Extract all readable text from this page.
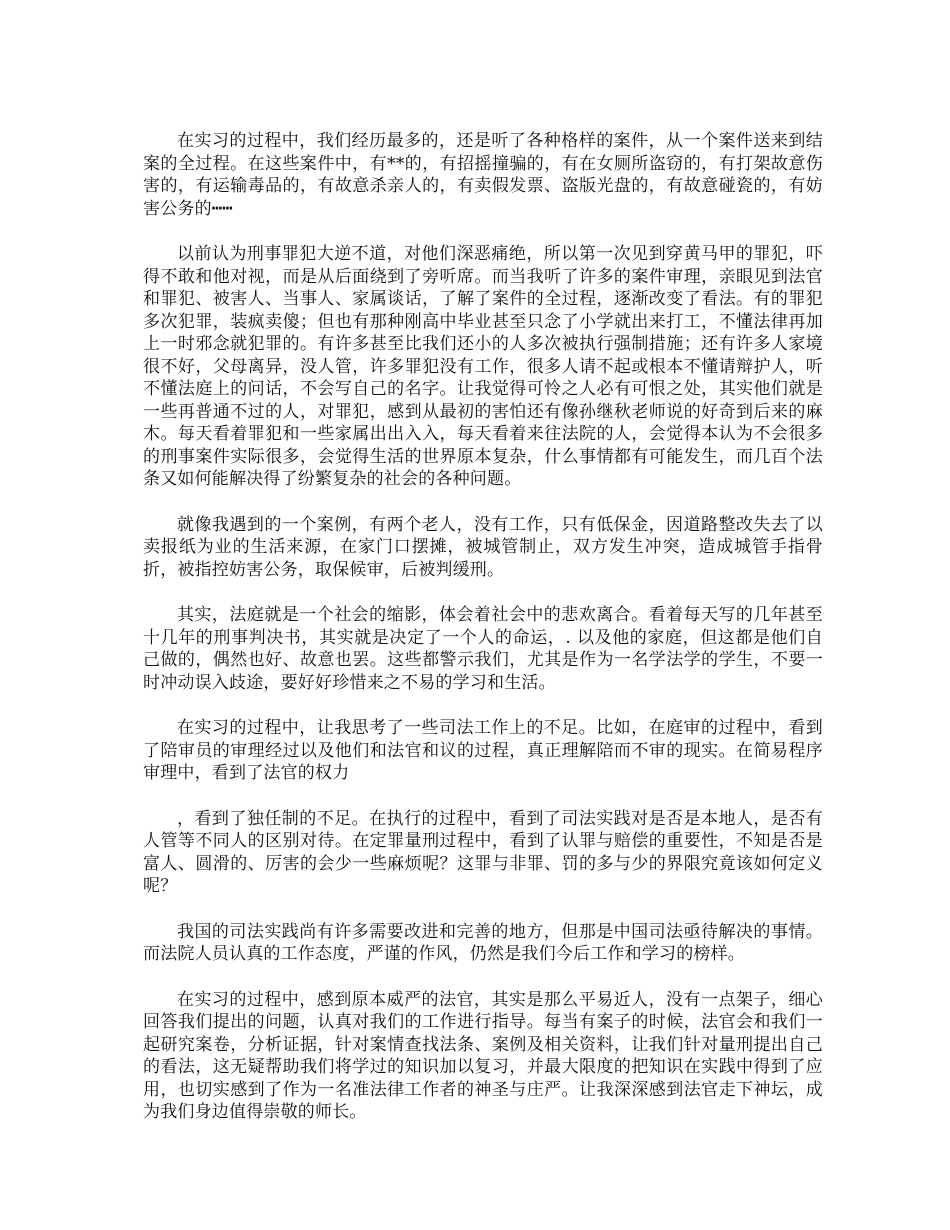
在实习的过程中，我们经历最多的，还是听了各种格样的案件，从一个案件送来到结案的全过程。在这些案件中，有**的，有招摇撞骗的，有在女厕所盗窃的，有打架故意伤害的，有运输毒品的，有故意杀亲人的，有卖假发票、盗版光盘的，有故意碰瓷的，有妨害公务的┅┅

以前认为刑事罪犯大逆不道，对他们深恶痛绝，所以第一次见到穿黄马甲的罪犯，吓得不敢和他对视，而是从后面绕到了旁听席。而当我听了许多的案件审理，亲眼见到法官和罪犯、被害人、当事人、家属谈话，了解了案件的全过程，逐渐改变了看法。有的罪犯多次犯罪，装疯卖傻；但也有那种刚高中毕业甚至只念了小学就出来打工，不懂法律再加上一时邪念就犯罪的。有许多甚至比我们还小的人多次被执行强制措施；还有许多人家境很不好，父母离异，没人管，许多罪犯没有工作，很多人请不起或根本不懂请辩护人，听不懂法庭上的问话，不会写自己的名字。让我觉得可怜之人必有可恨之处，其实他们就是一些再普通不过的人，对罪犯，感到从最初的害怕还有像孙继秋老师说的好奇到后来的麻木。每天看着罪犯和一些家属出出入入，每天看着来往法院的人，会觉得本认为不会很多的刑事案件实际很多，会觉得生活的世界原本复杂，什么事情都有可能发生，而几百个法条又如何能解决得了纷繁复杂的社会的各种问题。

就像我遇到的一个案例，有两个老人，没有工作，只有低保金，因道路整改失去了以卖报纸为业的生活来源，在家门口摆摊，被城管制止，双方发生冲突，造成城管手指骨折，被指控妨害公务，取保候审，后被判缓刑。

其实，法庭就是一个社会的缩影，体会着社会中的悲欢离合。看着每天写的几年甚至十几年的刑事判决书，其实就是决定了一个人的命运，. 以及他的家庭，但这都是他们自己做的，偶然也好、故意也罢。这些都警示我们，尤其是作为一名学法学的学生，不要一时冲动误入歧途，要好好珍惜来之不易的学习和生活。

在实习的过程中，让我思考了一些司法工作上的不足。比如，在庭审的过程中，看到了陪审员的审理经过以及他们和法官和议的过程，真正理解陪而不审的现实。在简易程序审理中，看到了法官的权力

，看到了独任制的不足。在执行的过程中，看到了司法实践对是否是本地人，是否有人管等不同人的区别对待。在定罪量刑过程中，看到了认罪与赔偿的重要性，不知是否是富人、圆滑的、厉害的会少一些麻烦呢？这罪与非罪、罚的多与少的界限究竟该如何定义呢？

我国的司法实践尚有许多需要改进和完善的地方，但那是中国司法亟待解决的事情。而法院人员认真的工作态度，严谨的作风，仍然是我们今后工作和学习的榜样。

在实习的过程中，感到原本威严的法官，其实是那么平易近人，没有一点架子，细心回答我们提出的问题，认真对我们的工作进行指导。每当有案子的时候，法官会和我们一起研究案卷，分析证据，针对案情查找法条、案例及相关资料，让我们针对量刑提出自己的看法，这无疑帮助我们将学过的知识加以复习，并最大限度的把知识在实践中得到了应用，也切实感到了作为一名准法律工作者的神圣与庄严。让我深深感到法官走下神坛，成为我们身边值得崇敬的师长。
